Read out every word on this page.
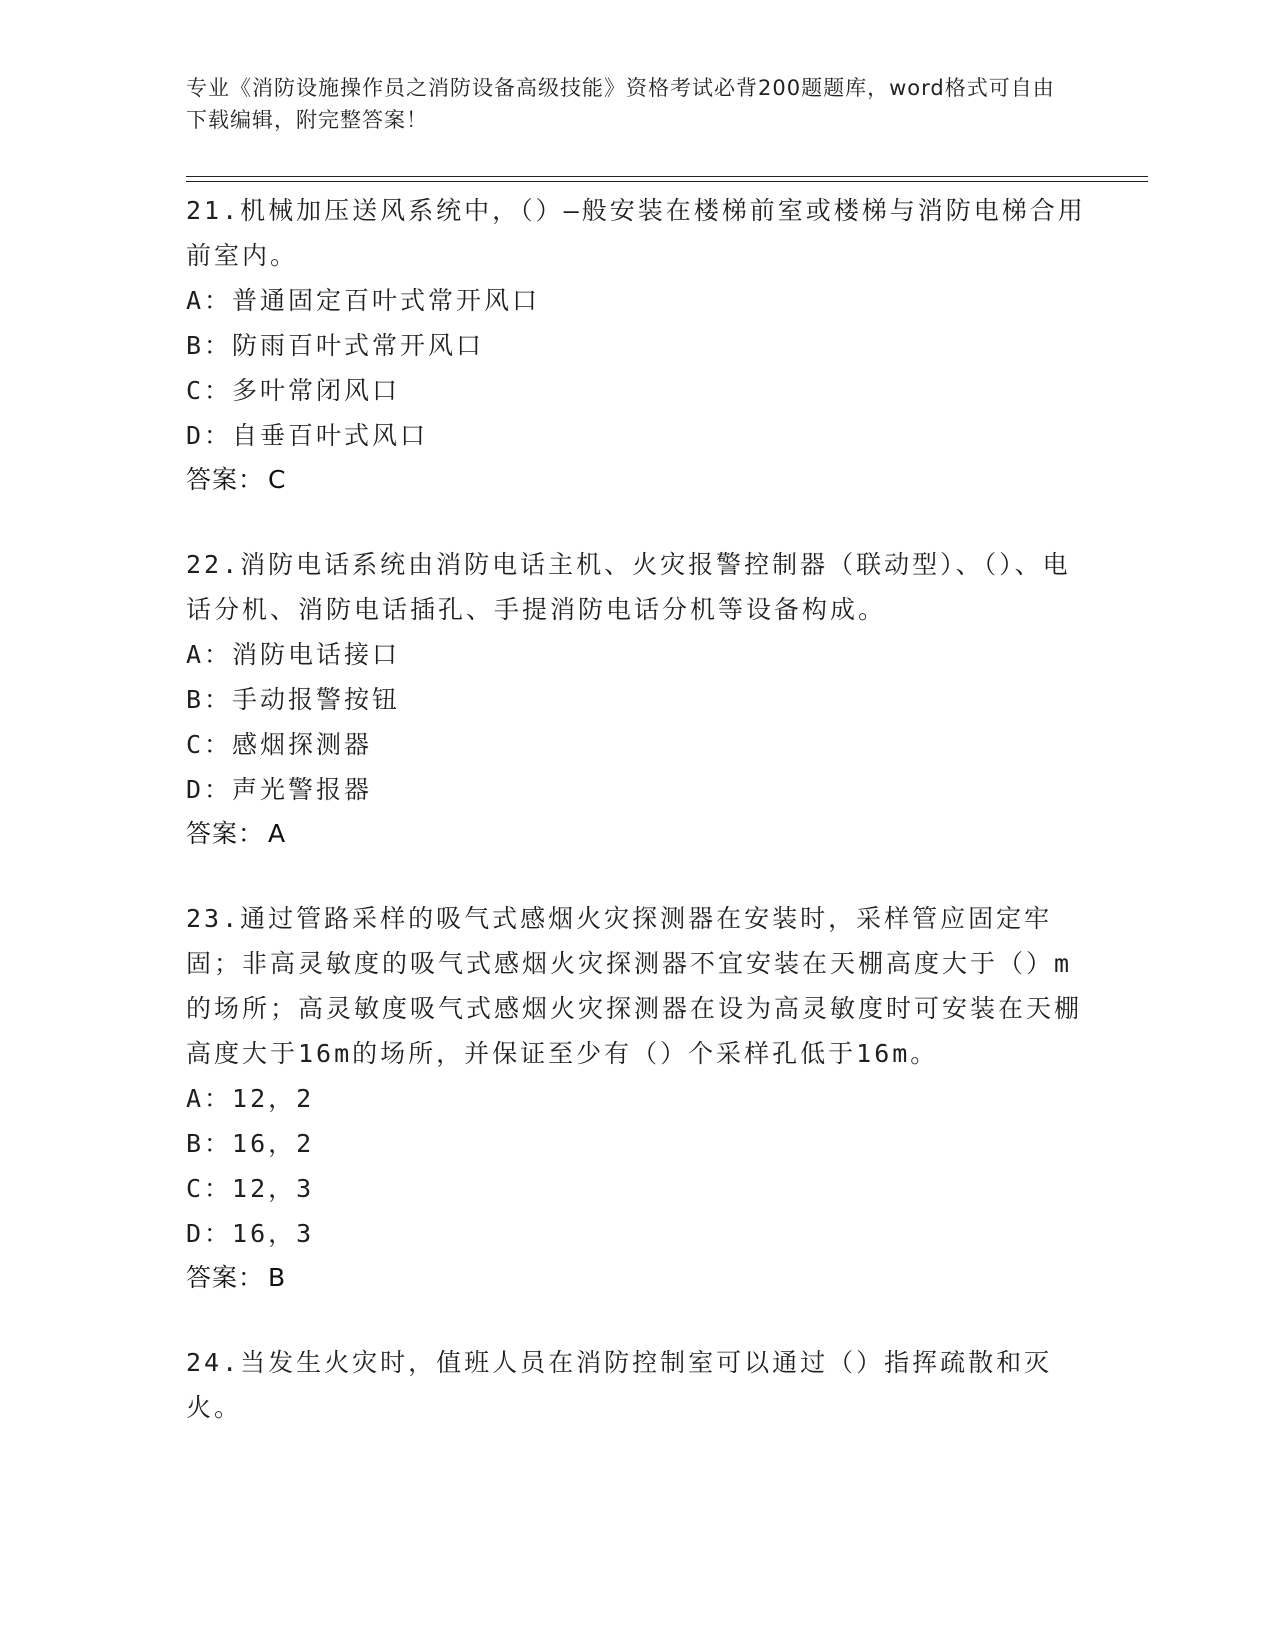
专业《消防设施操作员之消防设备高级技能》资格考试必背200题题库，word格式可自由下载编辑，附完整答案！

21.机械加压送风系统中，（）—般安装在楼梯前室或楼梯与消防电梯合用前室内。

A：普通固定百叶式常开风口

B：防雨百叶式常开风口

C：多叶常闭风口

D：自垂百叶式风口

答案： C

22.消防电话系统由消防电话主机、火灾报警控制器（联动型）、（）、电话分机、消防电话插孔、手提消防电话分机等设备构成。

A：消防电话接口

B：手动报警按钮

C：感烟探测器

D：声光警报器

答案： A

23.通过管路采样的吸气式感烟火灾探测器在安装时，采样管应固定牢固；非高灵敏度的吸气式感烟火灾探测器不宜安装在天棚高度大于（）m的场所；高灵敏度吸气式感烟火灾探测器在设为高灵敏度时可安装在天棚高度大于16m的场所，并保证至少有（）个采样孔低于16m。

A：12，2

B：16，2

C：12，3

D：16，3

答案： B

24.当发生火灾时，值班人员在消防控制室可以通过（）指挥疏散和灭火。
